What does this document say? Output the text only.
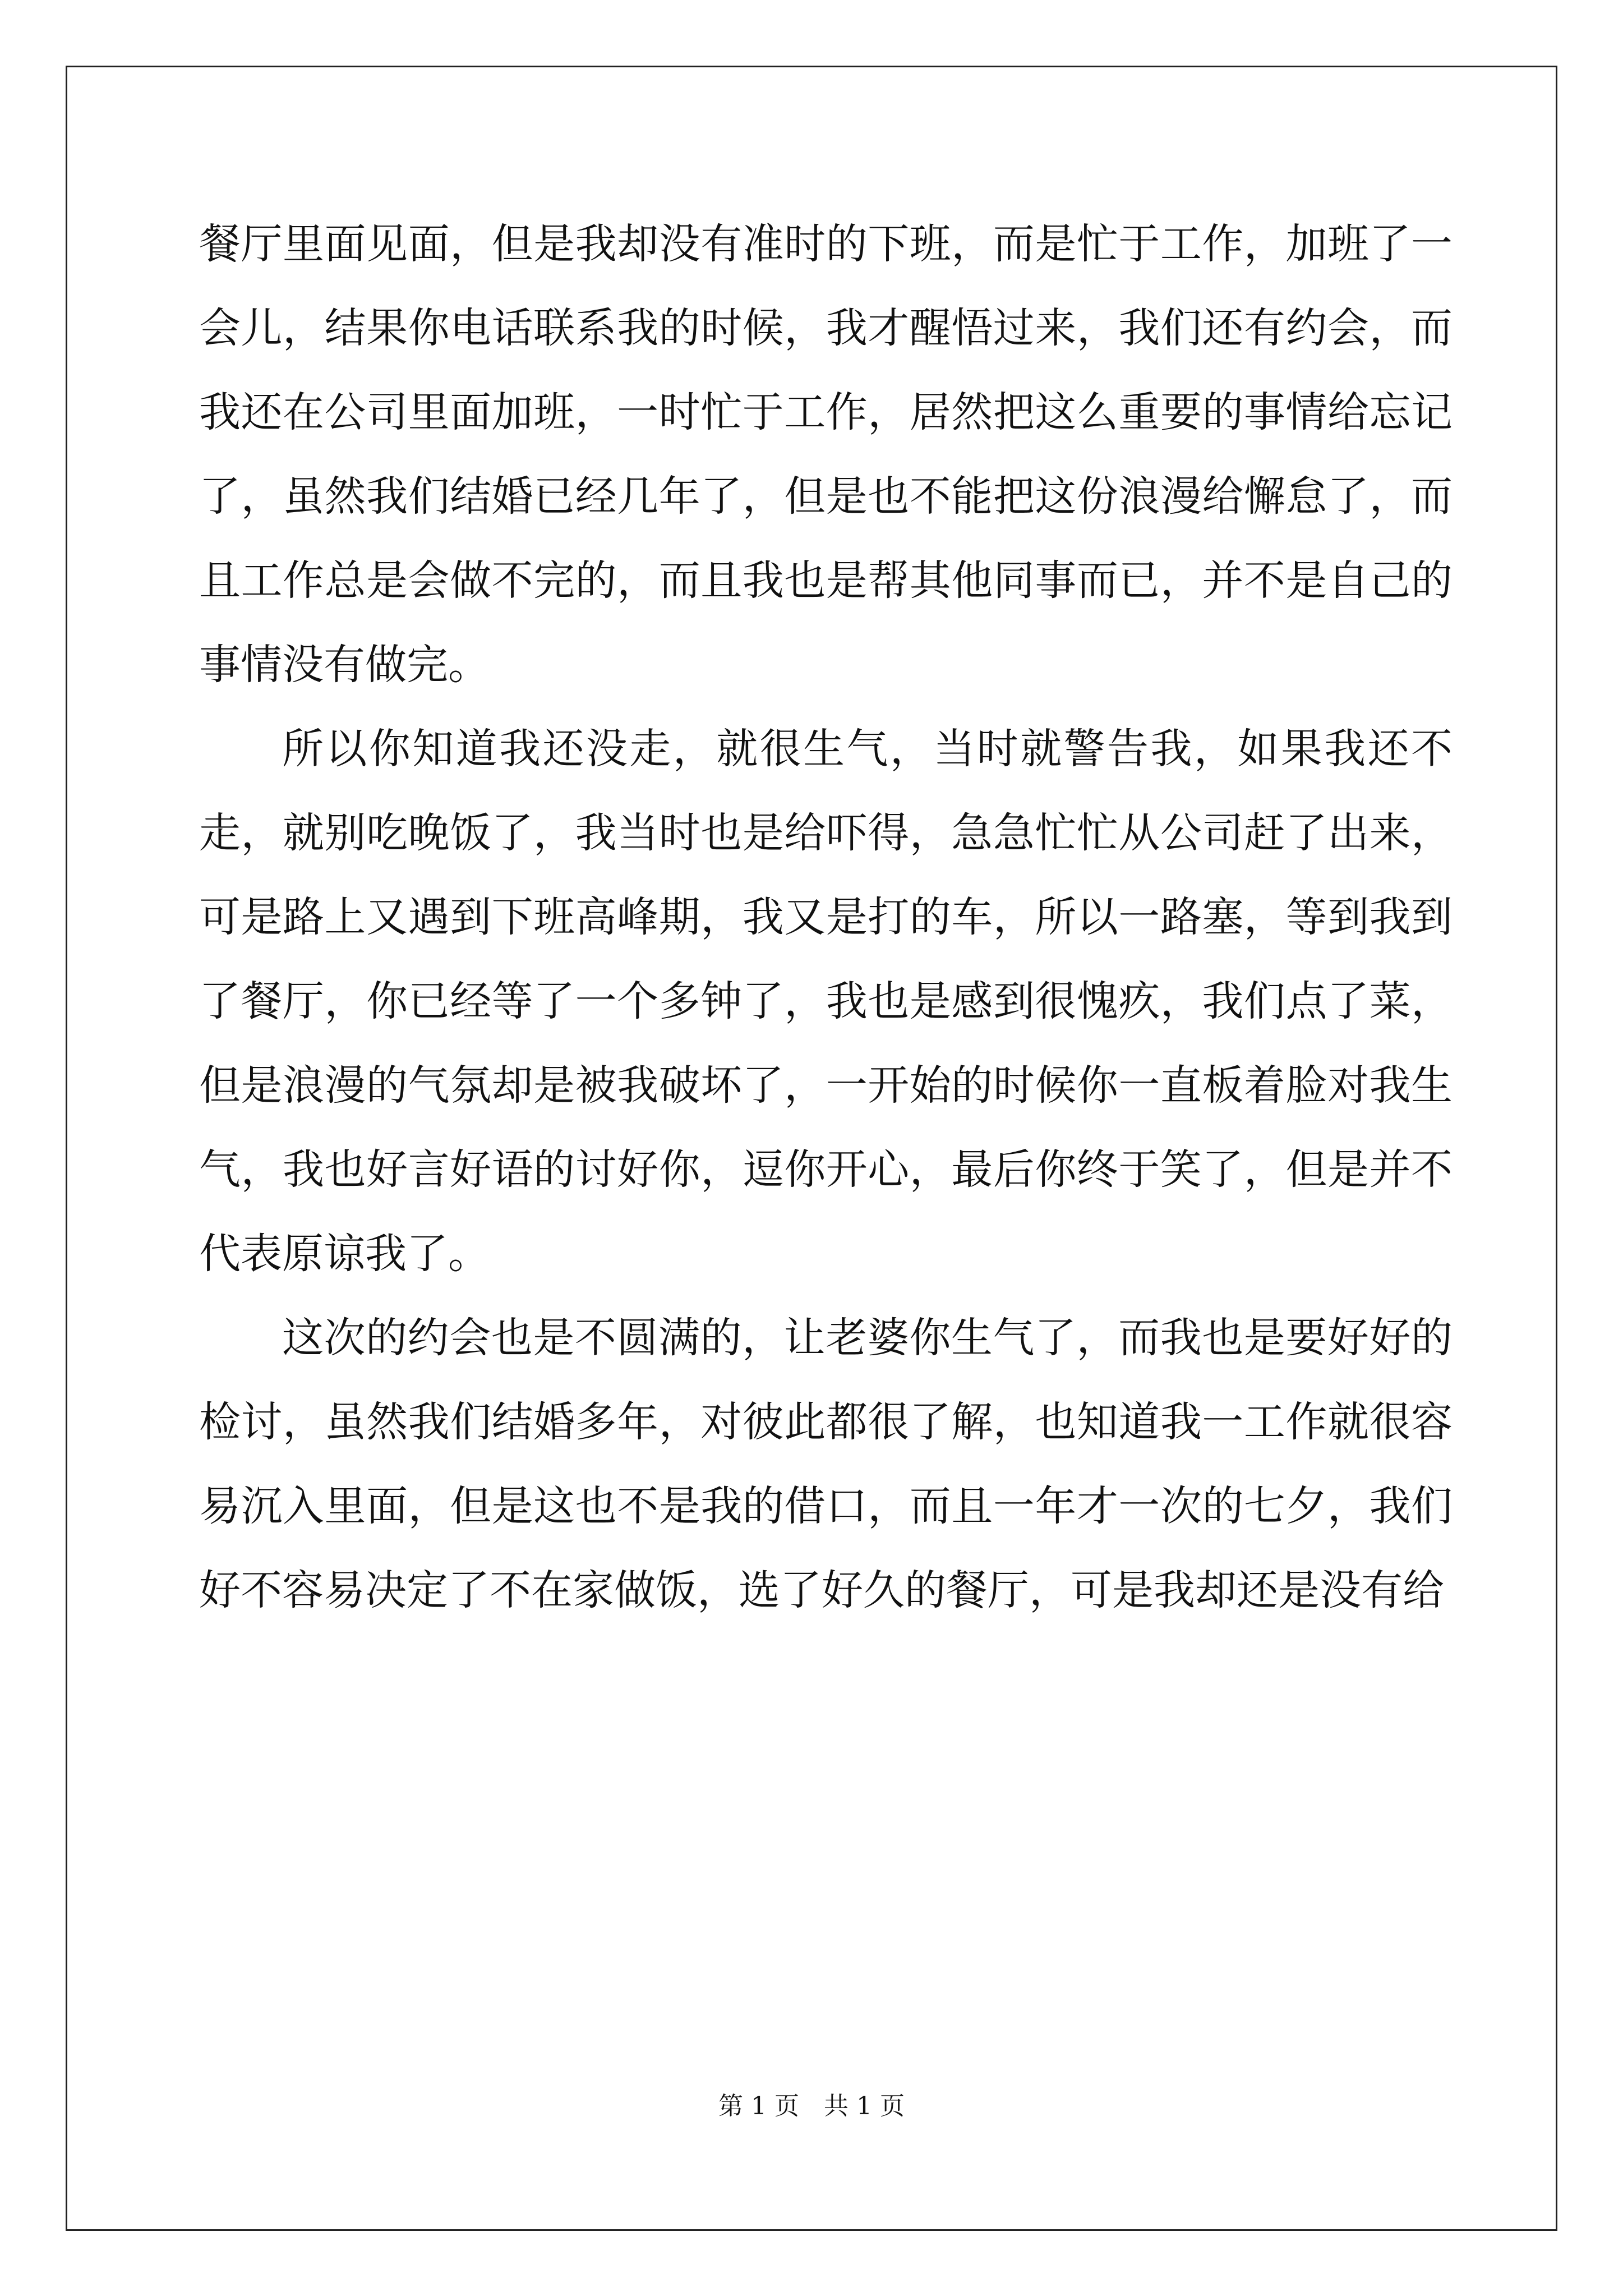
餐厅里面见面，但是我却没有准时的下班，而是忙于工作，加班了一会儿，结果你电话联系我的时候，我才醒悟过来，我们还有约会，而我还在公司里面加班，一时忙于工作，居然把这么重要的事情给忘记了，虽然我们结婚已经几年了，但是也不能把这份浪漫给懈怠了，而且工作总是会做不完的，而且我也是帮其他同事而已，并不是自己的事情没有做完。

所以你知道我还没走，就很生气，当时就警告我，如果我还不走，就别吃晚饭了，我当时也是给吓得，急急忙忙从公司赶了出来，可是路上又遇到下班高峰期，我又是打的车，所以一路塞，等到我到了餐厅，你已经等了一个多钟了，我也是感到很愧疚，我们点了菜，但是浪漫的气氛却是被我破坏了，一开始的时候你一直板着脸对我生气，我也好言好语的讨好你，逗你开心，最后你终于笑了，但是并不代表原谅我了。

这次的约会也是不圆满的，让老婆你生气了，而我也是要好好的检讨，虽然我们结婚多年，对彼此都很了解，也知道我一工作就很容易沉入里面，但是这也不是我的借口，而且一年才一次的七夕，我们好不容易决定了不在家做饭，选了好久的餐厅，可是我却还是没有给

第 1 页　共 1 页
